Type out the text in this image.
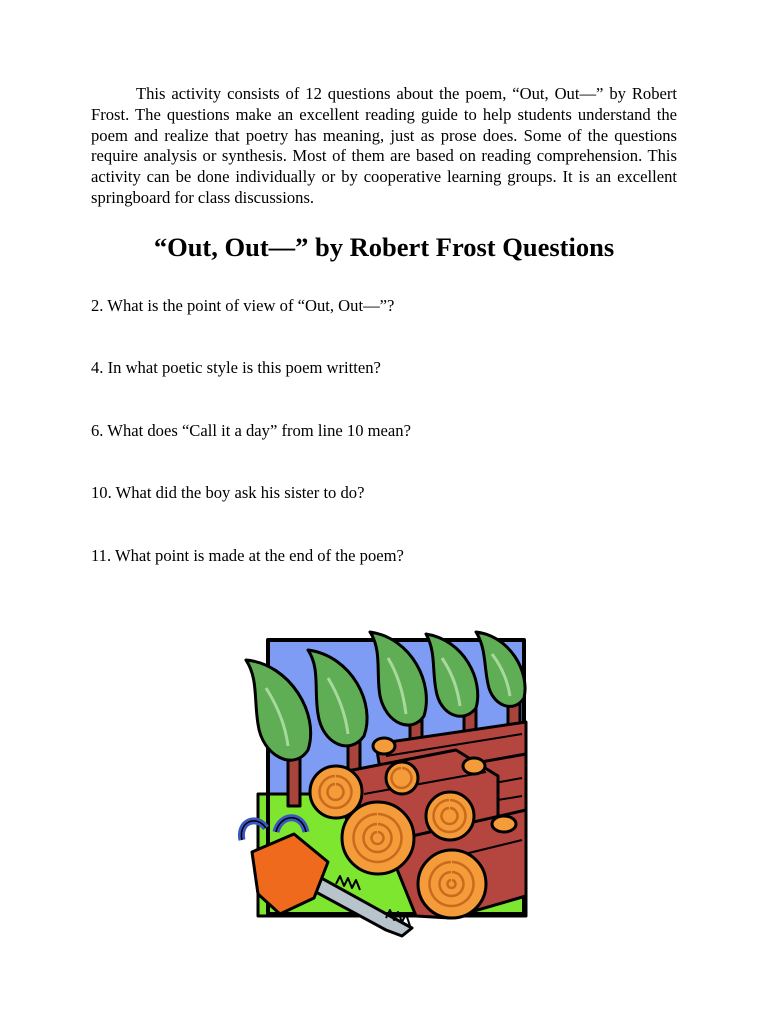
This activity consists of 12 questions about the poem, “Out, Out—” by Robert Frost. The questions make an excellent reading guide to help students understand the poem and realize that poetry has meaning, just as prose does. Some of the questions require analysis or synthesis. Most of them are based on reading comprehension. This activity can be done individually or by cooperative learning groups. It is an excellent springboard for class discussions.

“Out, Out—” by Robert Frost Questions

2. What is the point of view of “Out, Out—”?

4. In what poetic style is this poem written?

6. What does “Call it a day” from line 10 mean?

10. What did the boy ask his sister to do?

11. What point is made at the end of the poem?
